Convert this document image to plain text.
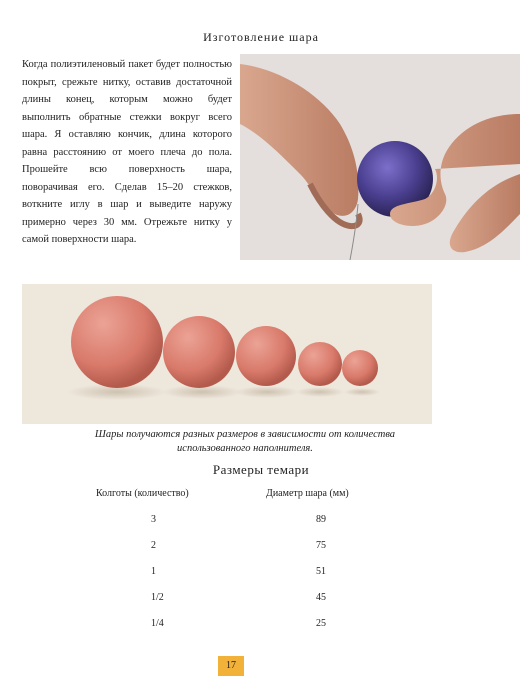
Изготовление шара
Когда полиэтиленовый пакет будет полностью покрыт, срежьте нитку, оставив достаточной длины конец, которым можно будет выполнить обратные стежки вокруг всего шара. Я оставляю кончик, длина которого равна расстоянию от моего плеча до пола. Прошейте всю поверхность шара, поворачивая его. Сделав 15–20 стежков, воткните иглу в шар и выведите наружу примерно через 30 мм. Отрежьте нитку у самой поверхности шара.
Шары получаются разных размеров в зависимости от количества использованного наполнителя.
Размеры темари
Колготы (количество)	Диаметр шара (мм)
3	89
2	75
1	51
1/2	45
1/4	25
17
